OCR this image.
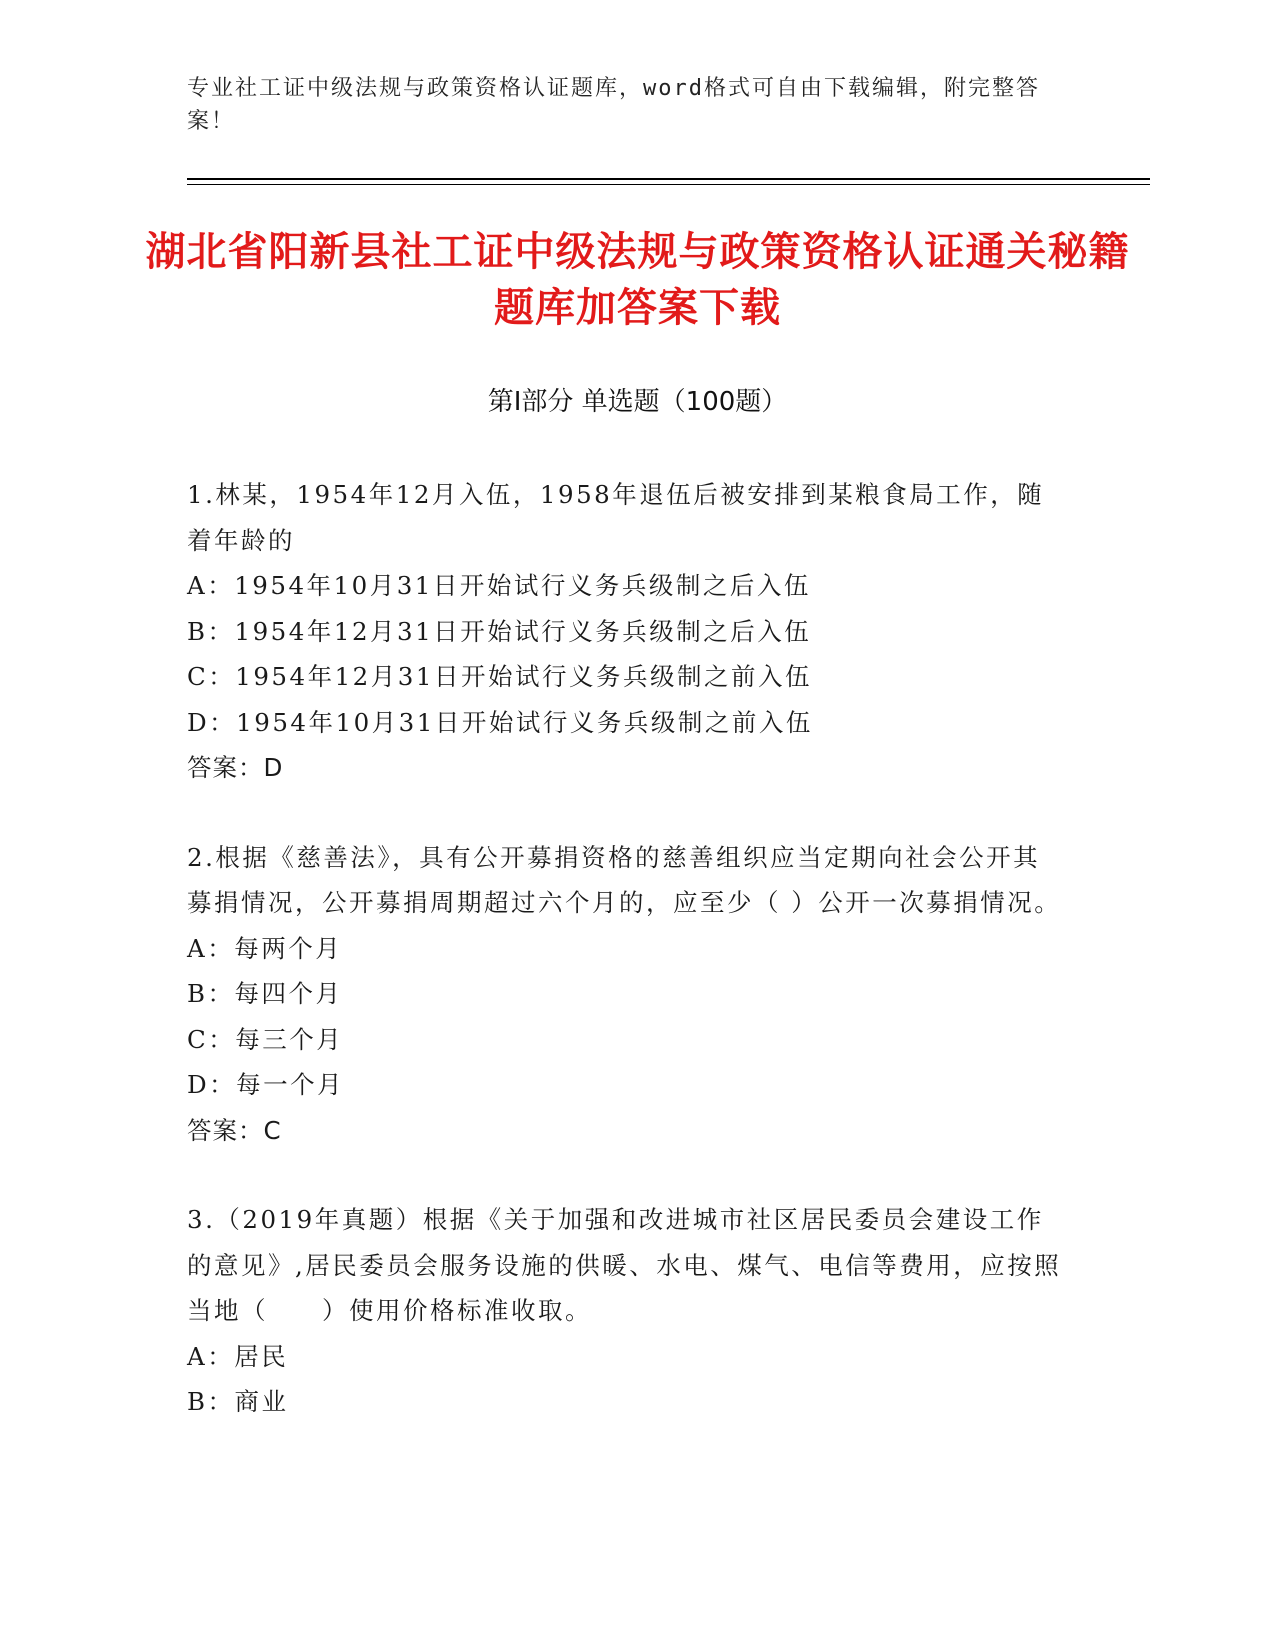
专业社工证中级法规与政策资格认证题库，word格式可自由下载编辑，附完整答案！
湖北省阳新县社工证中级法规与政策资格认证通关秘籍题库加答案下载
第Ⅰ部分 单选题（100题）

1.林某，1954年12月入伍，1958年退伍后被安排到某粮食局工作，随着年龄的

A：1954年10月31日开始试行义务兵级制之后入伍

B：1954年12月31日开始试行义务兵级制之后入伍

C：1954年12月31日开始试行义务兵级制之前入伍

D：1954年10月31日开始试行义务兵级制之前入伍

答案：D

2.根据《慈善法》，具有公开募捐资格的慈善组织应当定期向社会公开其募捐情况，公开募捐周期超过六个月的，应至少（ ）公开一次募捐情况。

A：每两个月

B：每四个月

C：每三个月

D：每一个月

答案：C

3.（2019年真题）根据《关于加强和改进城市社区居民委员会建设工作的意见》,居民委员会服务设施的供暖、水电、煤气、电信等费用，应按照当地（　　）使用价格标准收取。

A：居民

B：商业
